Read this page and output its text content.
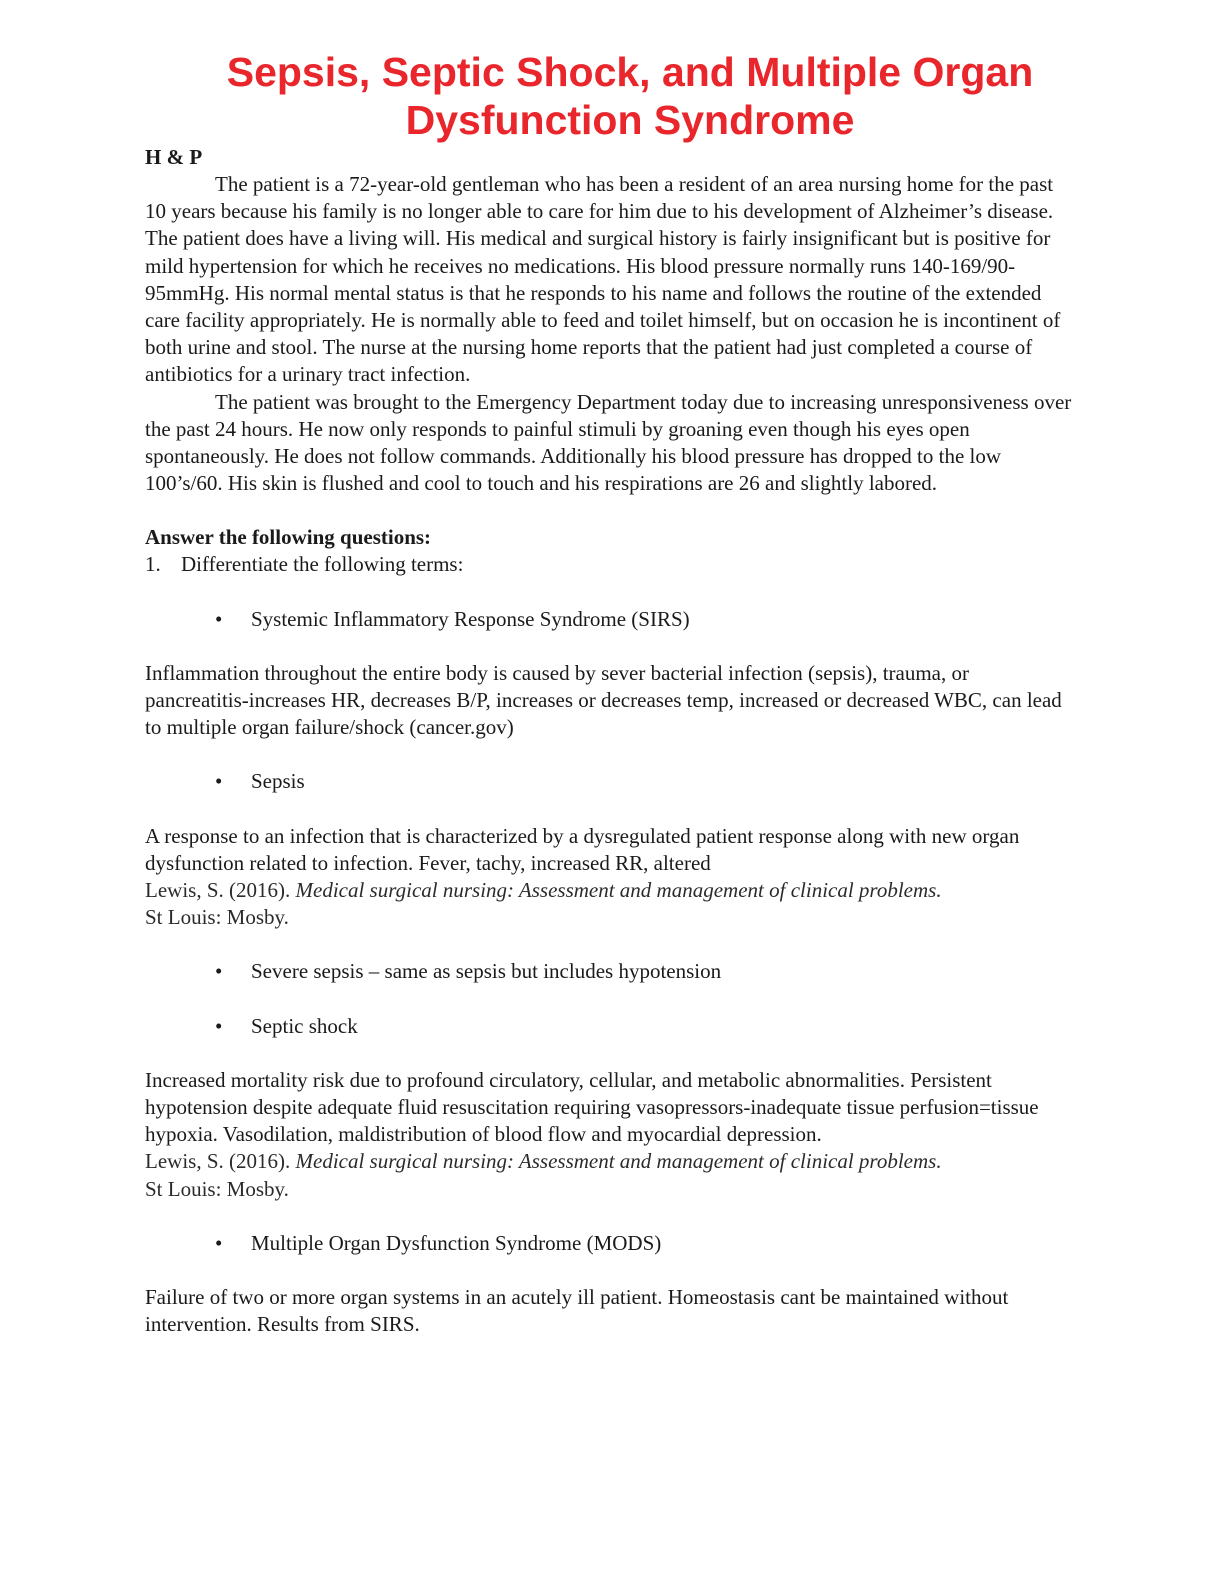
Sepsis, Septic Shock, and Multiple Organ
Dysfunction Syndrome

H & P

The patient is a 72-year-old gentleman who has been a resident of an area nursing home for the past 10 years because his family is no longer able to care for him due to his development of Alzheimer’s disease. The patient does have a living will. His medical and surgical history is fairly insignificant but is positive for mild hypertension for which he receives no medications. His blood pressure normally runs 140-169/90-95mmHg. His normal mental status is that he responds to his name and follows the routine of the extended care facility appropriately. He is normally able to feed and toilet himself, but on occasion he is incontinent of both urine and stool. The nurse at the nursing home reports that the patient had just completed a course of antibiotics for a urinary tract infection.

The patient was brought to the Emergency Department today due to increasing unresponsiveness over the past 24 hours. He now only responds to painful stimuli by groaning even though his eyes open spontaneously. He does not follow commands. Additionally his blood pressure has dropped to the low 100’s/60. His skin is flushed and cool to touch and his respirations are 26 and slightly labored.

Answer the following questions:

1. Differentiate the following terms:

•	Systemic Inflammatory Response Syndrome (SIRS)

Inflammation throughout the entire body is caused by sever bacterial infection (sepsis), trauma, or pancreatitis-increases HR, decreases B/P, increases or decreases temp, increased or decreased WBC, can lead to multiple organ failure/shock (cancer.gov)

•	Sepsis

A response to an infection that is characterized by a dysregulated patient response along with new organ dysfunction related to infection. Fever, tachy, increased RR, altered

Lewis, S. (2016). Medical surgical nursing: Assessment and management of clinical problems.
St Louis: Mosby.

•	Severe sepsis – same as sepsis but includes hypotension

•	Septic shock

Increased mortality risk due to profound circulatory, cellular, and metabolic abnormalities. Persistent hypotension despite adequate fluid resuscitation requiring vasopressors-inadequate tissue perfusion=tissue hypoxia. Vasodilation, maldistribution of blood flow and myocardial depression.

Lewis, S. (2016). Medical surgical nursing: Assessment and management of clinical problems.
St Louis: Mosby.

•	Multiple Organ Dysfunction Syndrome (MODS)

Failure of two or more organ systems in an acutely ill patient. Homeostasis cant be maintained without intervention. Results from SIRS.
